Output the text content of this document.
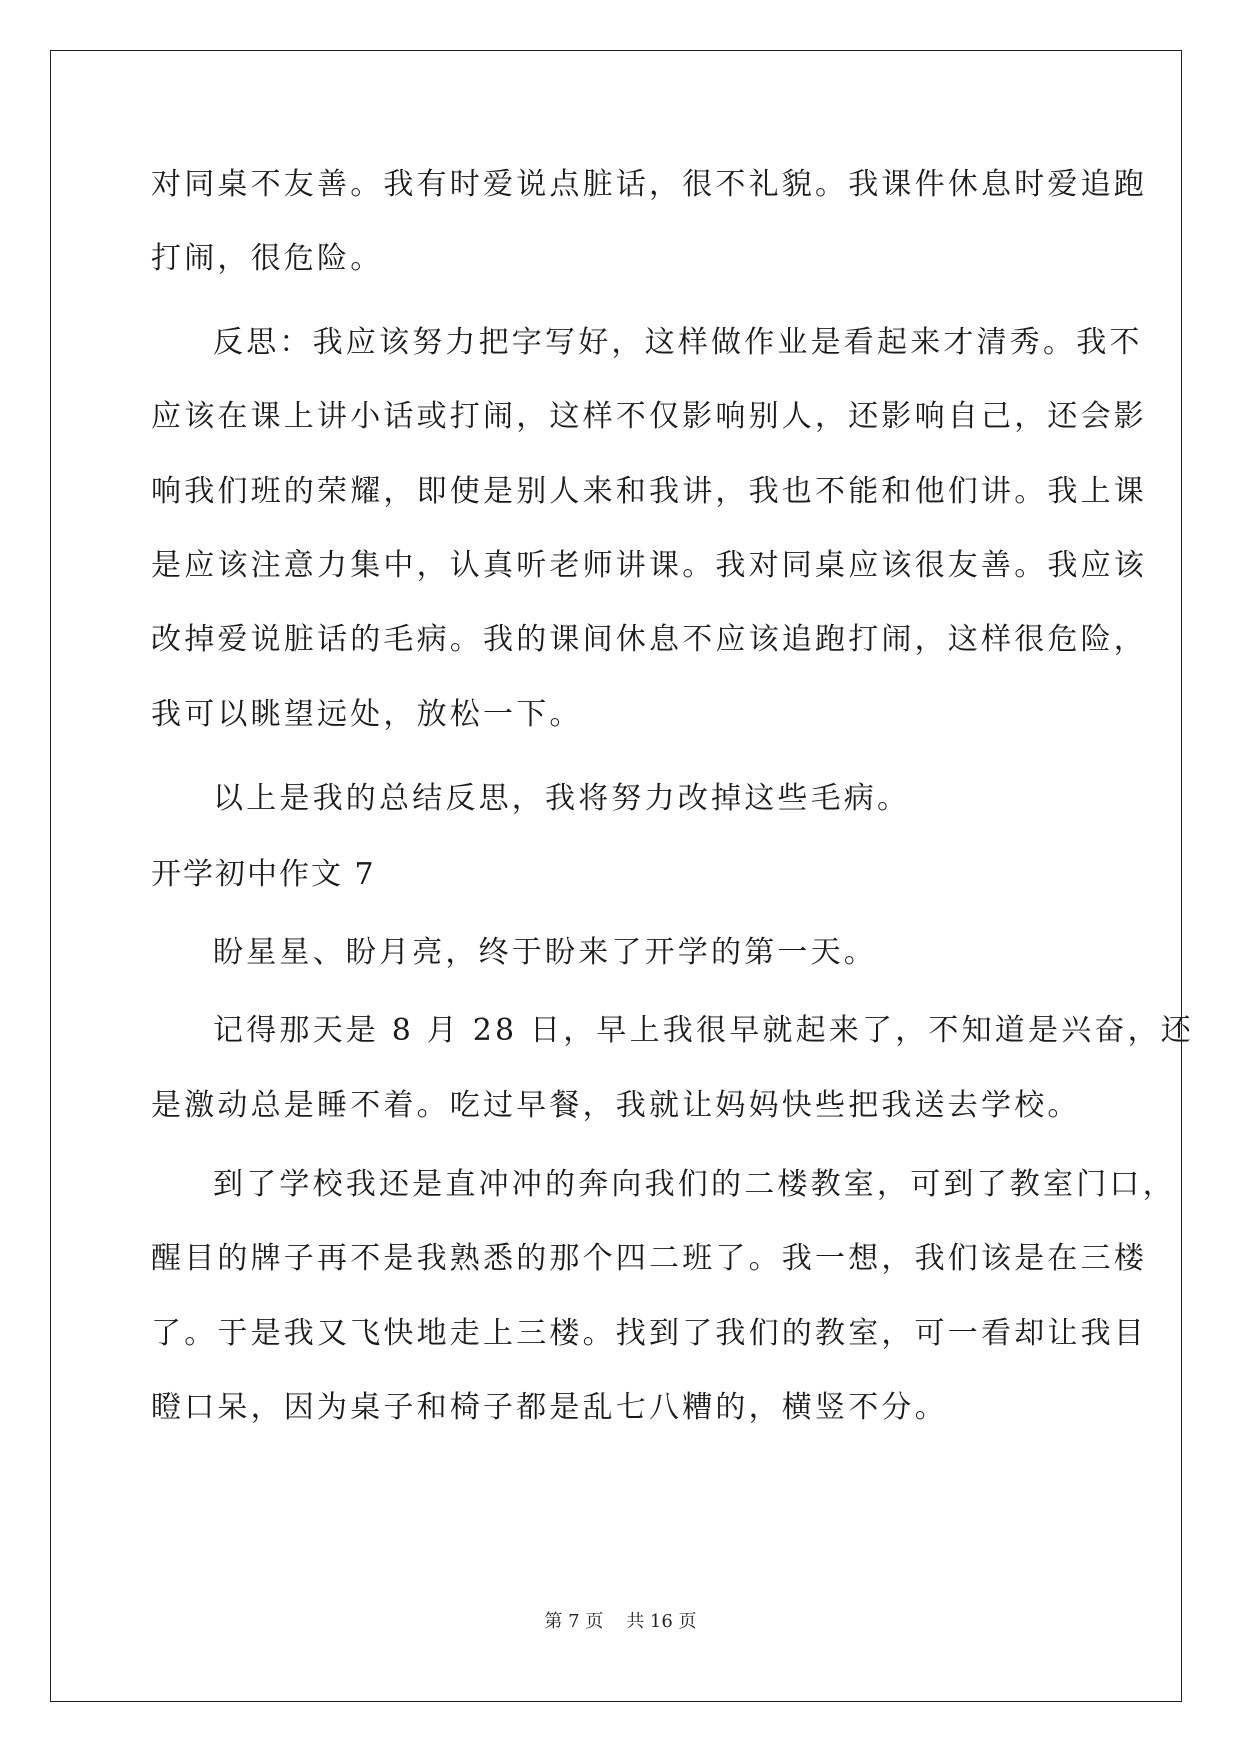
对同桌不友善。我有时爱说点脏话，很不礼貌。我课件休息时爱追跑
打闹，很危险。
反思：我应该努力把字写好，这样做作业是看起来才清秀。我不
应该在课上讲小话或打闹，这样不仅影响别人，还影响自己，还会影
响我们班的荣耀，即使是别人来和我讲，我也不能和他们讲。我上课
是应该注意力集中，认真听老师讲课。我对同桌应该很友善。我应该
改掉爱说脏话的毛病。我的课间休息不应该追跑打闹，这样很危险，
我可以眺望远处，放松一下。
以上是我的总结反思，我将努力改掉这些毛病。
开学初中作文 7
盼星星、盼月亮，终于盼来了开学的第一天。
记得那天是 8 月 28 日，早上我很早就起来了，不知道是兴奋，还
是激动总是睡不着。吃过早餐，我就让妈妈快些把我送去学校。
到了学校我还是直冲冲的奔向我们的二楼教室，可到了教室门口，
醒目的牌子再不是我熟悉的那个四二班了。我一想，我们该是在三楼
了。于是我又飞快地走上三楼。找到了我们的教室，可一看却让我目
瞪口呆，因为桌子和椅子都是乱七八糟的，横竖不分。
第 7 页    共 16 页
